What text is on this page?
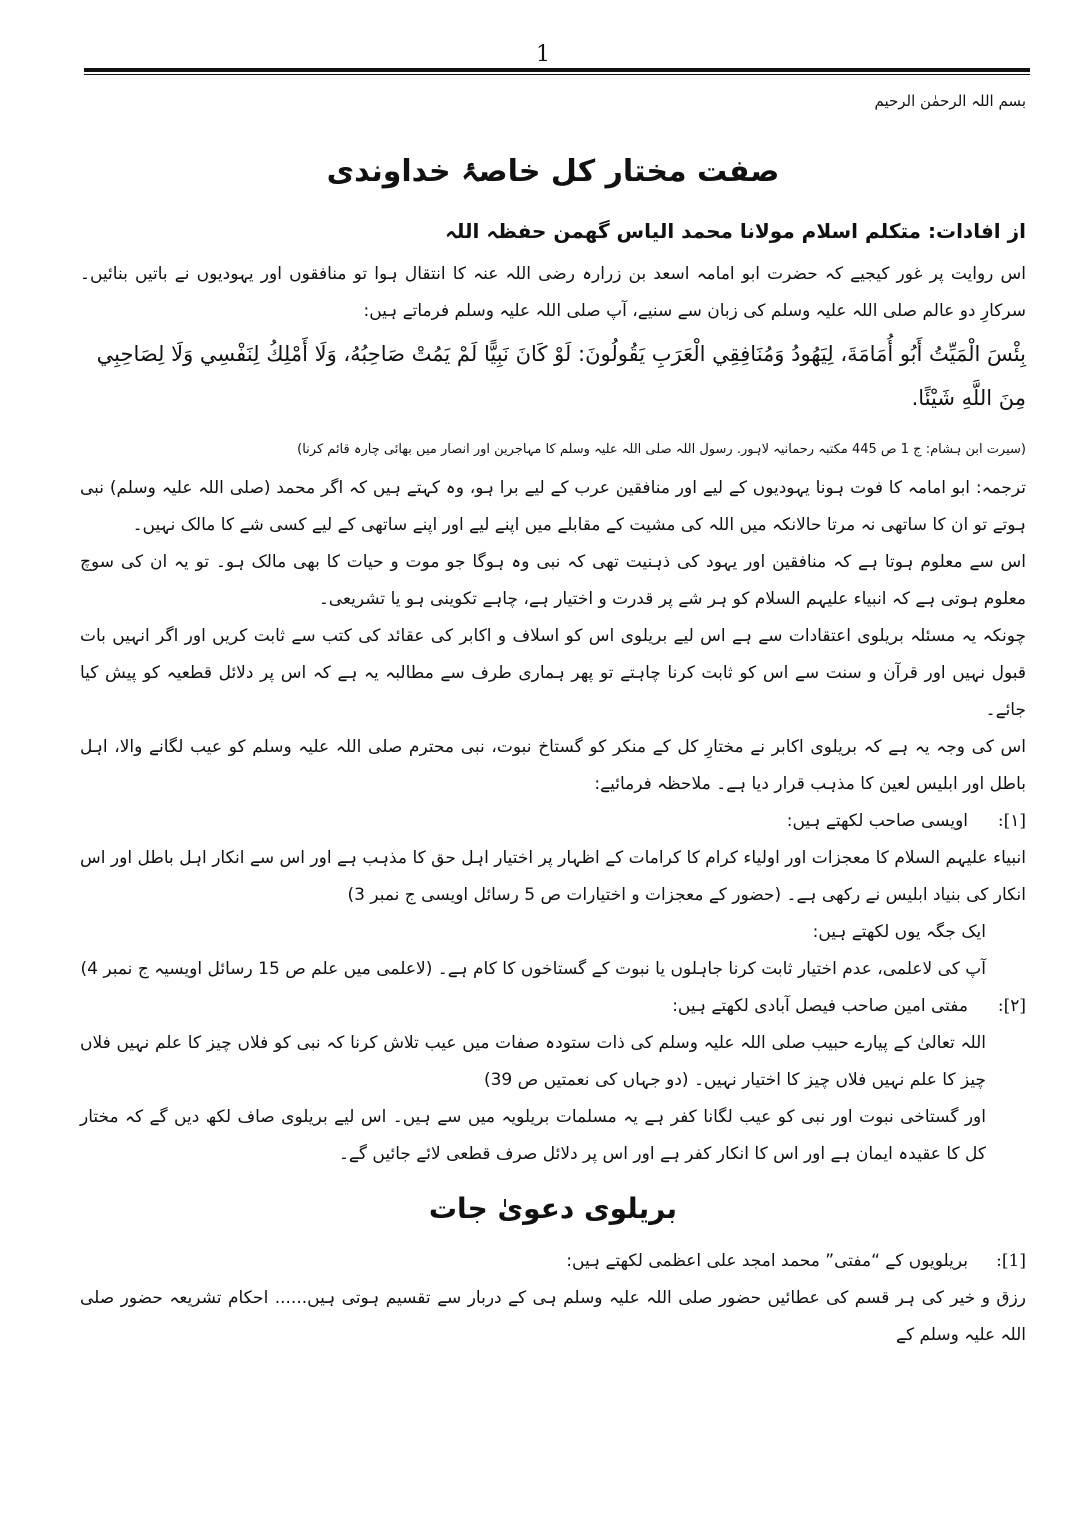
1
بسم اللہ الرحمٰن الرحیم
صفت مختار کل خاصۂ خداوندی
از افادات: متکلم اسلام مولانا محمد الیاس گھمن حفظہ اللہ

اس روایت پر غور کیجیے کہ حضرت ابو امامہ اسعد بن زرارہ رضی اللہ عنہ کا انتقال ہوا تو منافقوں اور یہودیوں نے باتیں بنائیں۔ سرکارِ دو عالم صلی اللہ علیہ وسلم کی زبان سے سنیے، آپ صلی اللہ علیہ وسلم فرماتے ہیں:

بِئْسَ الْمَيِّتُ أَبُو أُمَامَةَ، لِيَهُودُ وَمُنَافِقِي الْعَرَبِ يَقُولُونَ: لَوْ كَانَ نَبِيًّا لَمْ يَمُتْ صَاحِبُهُ، وَلَا أَمْلِكُ لِنَفْسِي وَلَا لِصَاحِبِي مِنَ اللَّهِ شَيْئًا.

(سیرت ابن ہشام: ج 1 ص 445 مکتبہ رحمانیہ لاہور. رسول اللہ صلی اللہ علیہ وسلم کا مہاجرین اور انصار میں بھائی چارہ قائم کرنا)

ترجمہ: ابو امامہ کا فوت ہونا یہودیوں کے لیے اور منافقین عرب کے لیے برا ہو، وہ کہتے ہیں کہ اگر محمد (صلی اللہ علیہ وسلم) نبی ہوتے تو ان کا ساتھی نہ مرتا حالانکہ میں اللہ کی مشیت کے مقابلے میں اپنے لیے اور اپنے ساتھی کے لیے کسی شے کا مالک نہیں۔

اس سے معلوم ہوتا ہے کہ منافقین اور یہود کی ذہنیت تھی کہ نبی وہ ہوگا جو موت و حیات کا بھی مالک ہو۔ تو یہ ان کی سوچ معلوم ہوتی ہے کہ انبیاء علیہم السلام کو ہر شے پر قدرت و اختیار ہے، چاہے تکوینی ہو یا تشریعی۔

چونکہ یہ مسئلہ بریلوی اعتقادات سے ہے اس لیے بریلوی اس کو اسلاف و اکابر کی عقائد کی کتب سے ثابت کریں اور اگر انہیں بات قبول نہیں اور قرآن و سنت سے اس کو ثابت کرنا چاہتے تو پھر ہماری طرف سے مطالبہ یہ ہے کہ اس پر دلائل قطعیہ کو پیش کیا جائے۔

اس کی وجہ یہ ہے کہ بریلوی اکابر نے مختارِ کل کے منکر کو گستاخ نبوت، نبی محترم صلی اللہ علیہ وسلم کو عیب لگانے والا، اہل باطل اور ابلیس لعین کا مذہب قرار دیا ہے۔ ملاحظہ فرمائیے:

[۱]:
اویسی صاحب لکھتے ہیں:

انبیاء علیہم السلام کا معجزات اور اولیاء کرام کا کرامات کے اظہار پر اختیار اہل حق کا مذہب ہے اور اس سے انکار اہل باطل اور اس انکار کی بنیاد ابلیس نے رکھی ہے۔ (حضور کے معجزات و اختیارات ص 5 رسائل اویسی ج نمبر 3)

ایک جگہ یوں لکھتے ہیں:

آپ کی لاعلمی، عدم اختیار ثابت کرنا جاہلوں یا نبوت کے گستاخوں کا کام ہے۔ (لاعلمی میں علم ص 15 رسائل اویسیہ ج نمبر 4)

[۲]:
مفتی امین صاحب فیصل آبادی لکھتے ہیں:

اللہ تعالیٰ کے پیارے حبیب صلی اللہ علیہ وسلم کی ذات ستودہ صفات میں عیب تلاش کرنا کہ نبی کو فلاں چیز کا علم نہیں فلاں چیز کا علم نہیں فلاں چیز کا اختیار نہیں۔ (دو جہاں کی نعمتیں ص 39)

اور گستاخی نبوت اور نبی کو عیب لگانا کفر ہے یہ مسلمات بریلویہ میں سے ہیں۔ اس لیے بریلوی صاف لکھ دیں گے کہ مختار کل کا عقیدہ ایمان ہے اور اس کا انکار کفر ہے اور اس پر دلائل صرف قطعی لائے جائیں گے۔

بریلوی دعویٰ جات
[1]:
بریلویوں کے “مفتی” محمد امجد علی اعظمی لکھتے ہیں:

رزق و خیر کی ہر قسم کی عطائیں حضور صلی اللہ علیہ وسلم ہی کے دربار سے تقسیم ہوتی ہیں...... احکام تشریعہ حضور صلی اللہ علیہ وسلم کے
